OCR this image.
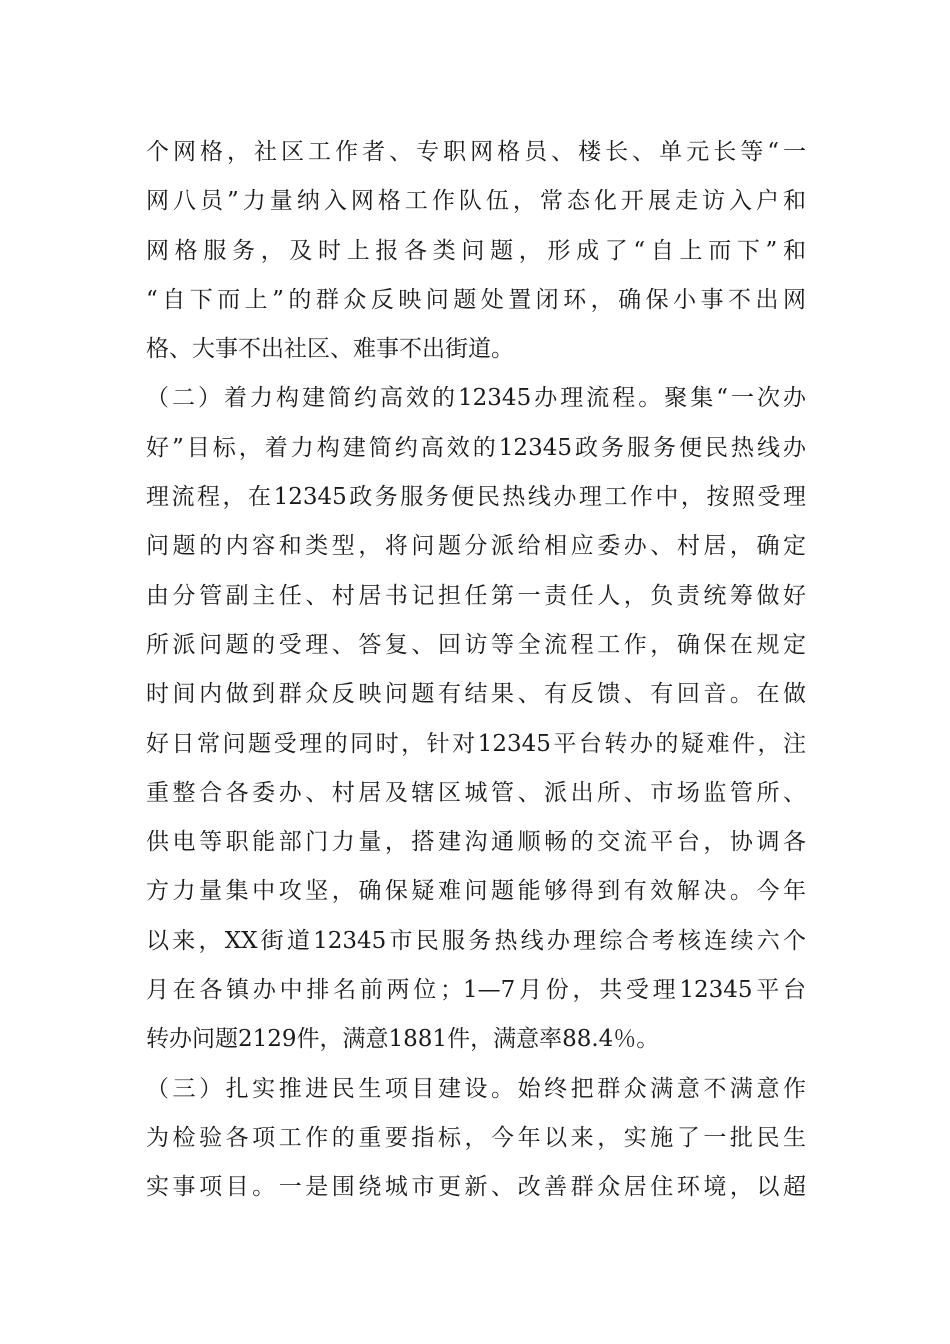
个网格，社区工作者、专职网格员、楼长、单元长等“一
网八员”力量纳入网格工作队伍，常态化开展走访入户和
网格服务，及时上报各类问题，形成了“自上而下”和
“自下而上”的群众反映问题处置闭环，确保小事不出网
格、大事不出社区、难事不出街道。
（二）着力构建简约高效的12345办理流程。聚集“一次办
好”目标，着力构建简约高效的12345政务服务便民热线办
理流程，在12345政务服务便民热线办理工作中，按照受理
问题的内容和类型，将问题分派给相应委办、村居，确定
由分管副主任、村居书记担任第一责任人，负责统筹做好
所派问题的受理、答复、回访等全流程工作，确保在规定
时间内做到群众反映问题有结果、有反馈、有回音。在做
好日常问题受理的同时，针对12345平台转办的疑难件，注
重整合各委办、村居及辖区城管、派出所、市场监管所、
供电等职能部门力量，搭建沟通顺畅的交流平台，协调各
方力量集中攻坚，确保疑难问题能够得到有效解决。今年
以来，XX街道12345市民服务热线办理综合考核连续六个
月在各镇办中排名前两位；1—7月份，共受理12345平台
转办问题2129件，满意1881件，满意率88.4％。
（三）扎实推进民生项目建设。始终把群众满意不满意作
为检验各项工作的重要指标，今年以来，实施了一批民生
实事项目。一是围绕城市更新、改善群众居住环境，以超
